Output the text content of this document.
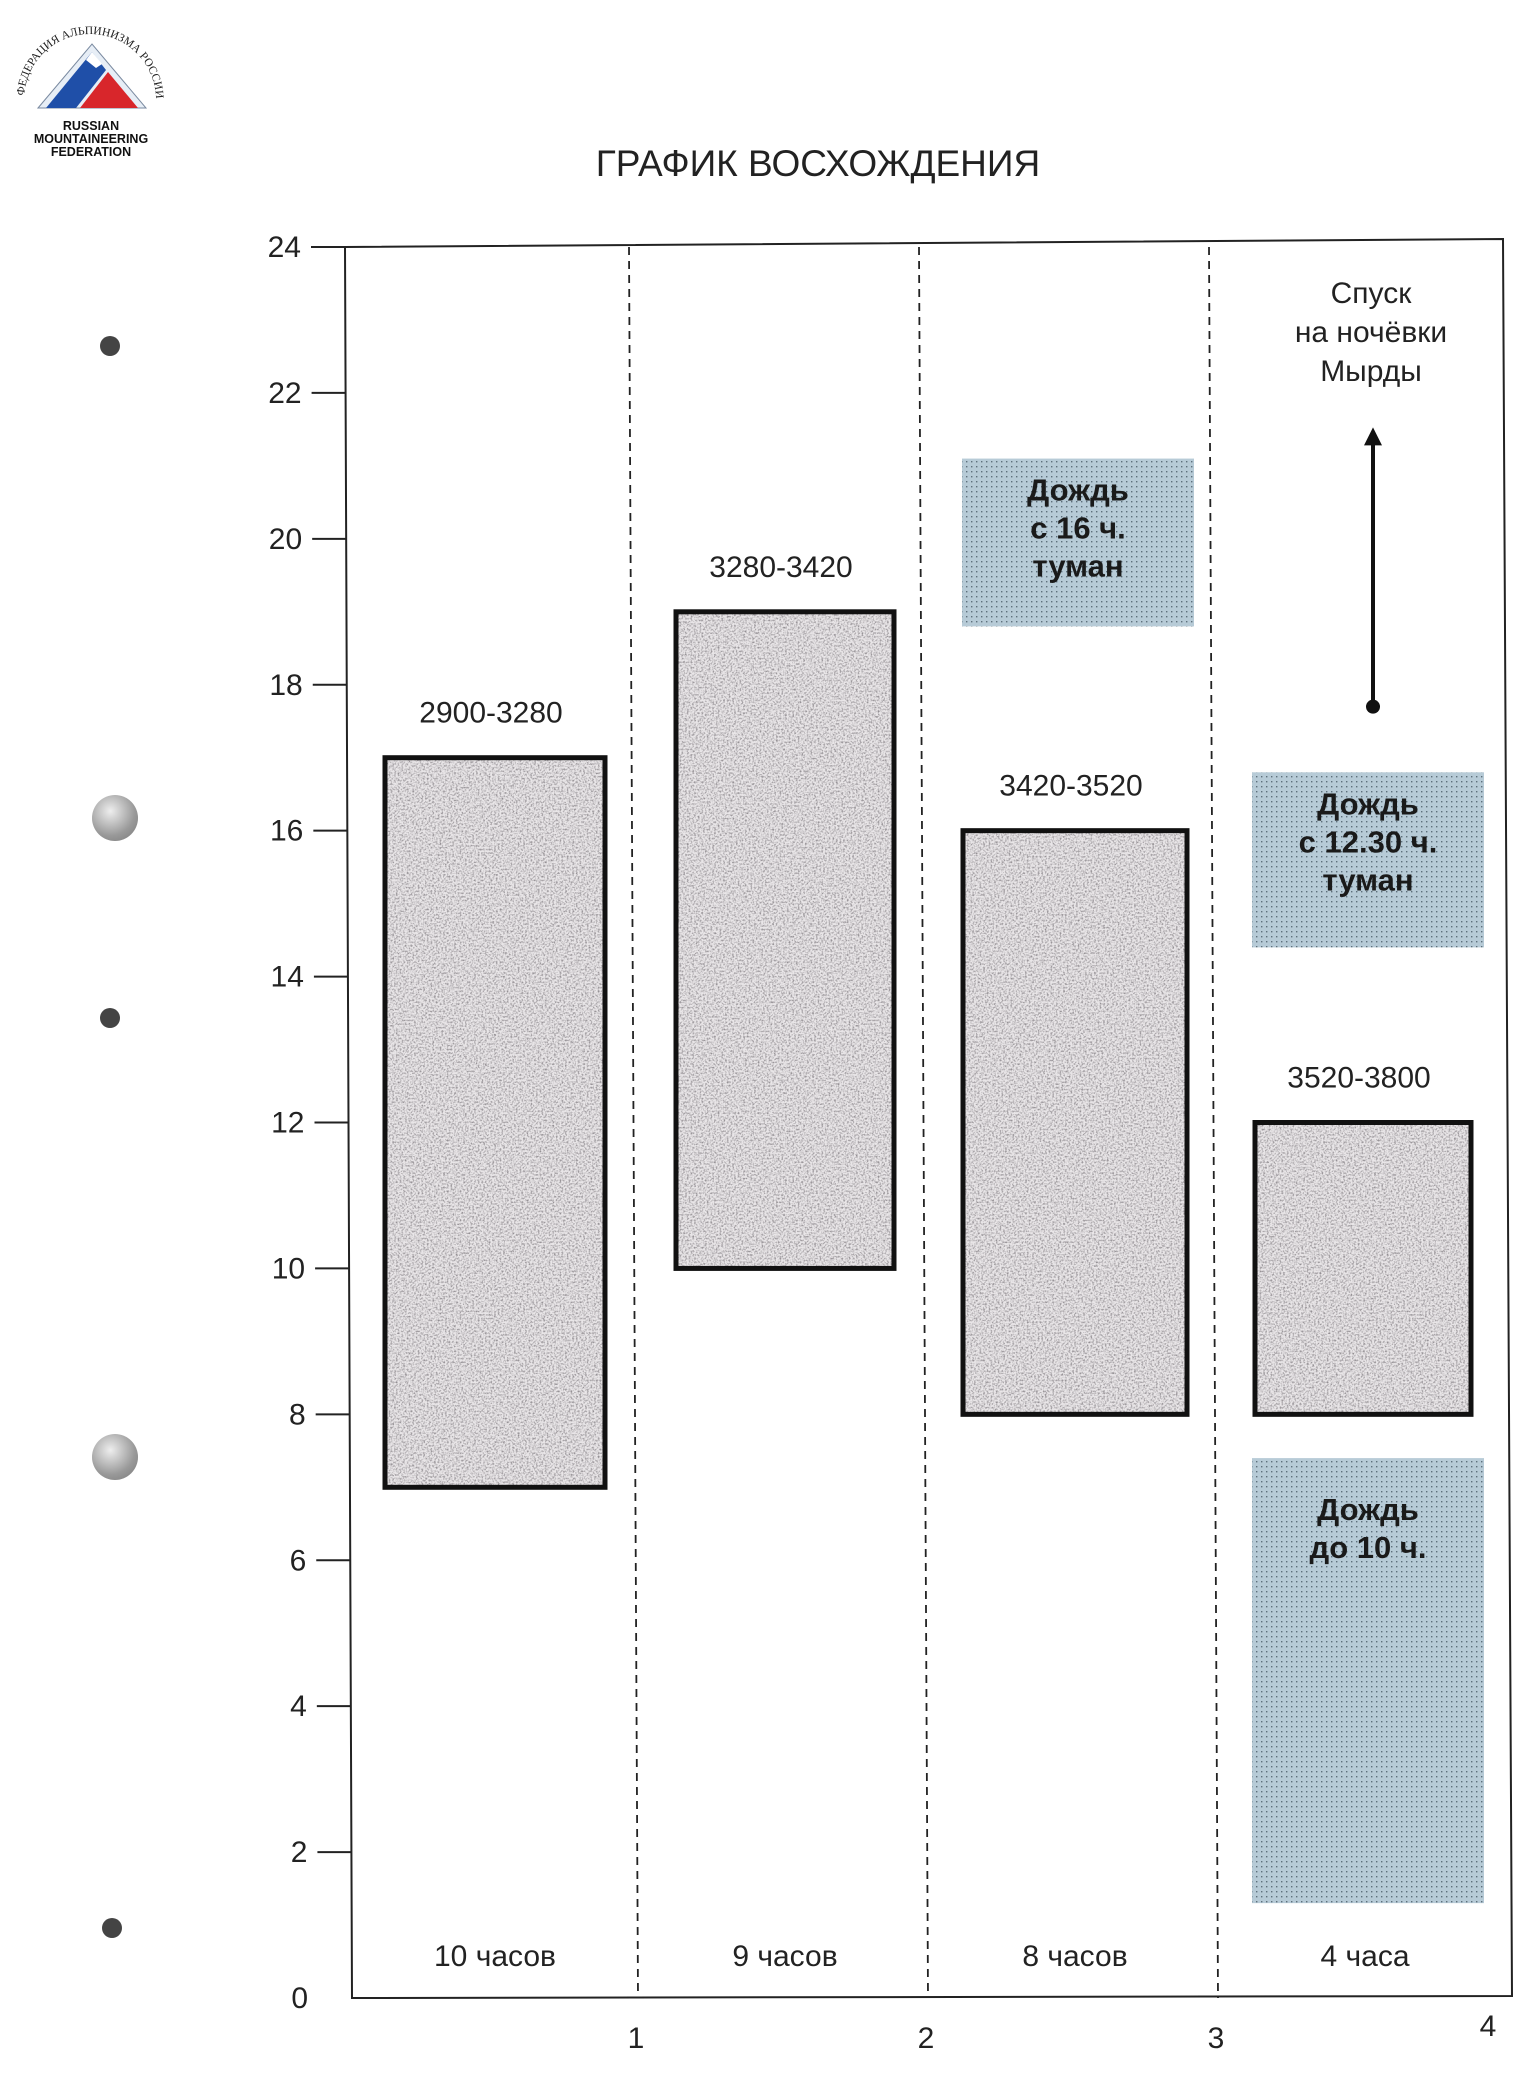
ФЕДЕРАЦИЯ АЛЬПИНИЗМА РОССИИ
RUSSIAN
MOUNTAINEERING
FEDERATION	ГРАФИК ВОСХОЖДЕНИЯ
0
2
4
6
8
10
12
14
16
18
20
22
24
1	2	3	4
Дождь
с 16 ч.
туман
Дождь
с 12.30 ч.
туман
Дождь
до 10 ч.
2900-3280
10 часов
3280-3420
9 часов
3420-3520
8 часов
3520-3800
4 часа
Спуск
на ночёвки
Мырды
